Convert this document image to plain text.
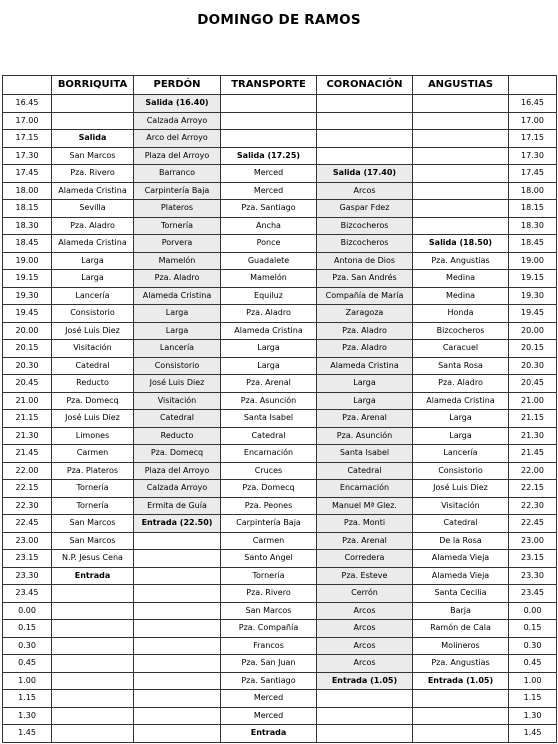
DOMINGO DE RAMOS
	BORRIQUITA	PERDÓN	TRANSPORTE	CORONACIÓN	ANGUSTIAS	
16.45		Salida (16.40)				16.45
17.00		Calzada Arroyo				17.00
17.15	Salida	Arco del Arroyo				17.15
17.30	San Marcos	Plaza del Arroyo	Salida (17.25)			17.30
17.45	Pza. Rivero	Barranco	Merced	Salida (17.40)		17.45
18.00	Alameda Cristina	Carpintería Baja	Merced	Arcos		18.00
18.15	Sevilla	Plateros	Pza. Santiago	Gaspar Fdez		18.15
18.30	Pza. Aladro	Tornería	Ancha	Bizcocheros		18.30
18.45	Alameda Cristina	Porvera	Ponce	Bizcocheros	Salida (18.50)	18.45
19.00	Larga	Mamelón	Guadalete	Antona de Dios	Pza. Angustias	19.00
19.15	Larga	Pza. Aladro	Mamelón	Pza. San Andrés	Medina	19.15
19.30	Lancería	Alameda Cristina	Equiluz	Compañía de María	Medina	19.30
19.45	Consistorio	Larga	Pza. Aladro	Zaragoza	Honda	19.45
20.00	José Luis Diez	Larga	Alameda Cristina	Pza. Aladro	Bizcocheros	20.00
20.15	Visitación	Lancería	Larga	Pza. Aladro	Caracuel	20.15
20.30	Catedral	Consistorio	Larga	Alameda Cristina	Santa Rosa	20.30
20.45	Reducto	José Luis Diez	Pza. Arenal	Larga	Pza. Aladro	20.45
21.00	Pza. Domecq	Visitación	Pza. Asunción	Larga	Alameda Cristina	21.00
21.15	José Luis Diez	Catedral	Santa Isabel	Pza. Arenal	Larga	21.15
21.30	Limones	Reducto	Catedral	Pza. Asunción	Larga	21.30
21.45	Carmen	Pza. Domecq	Encarnación	Santa Isabel	Lancería	21.45
22.00	Pza. Plateros	Plaza del Arroyo	Cruces	Catedral	Consistorio	22.00
22.15	Tornería	Calzada Arroyo	Pza. Domecq	Encarnación	José Luis Diez	22.15
22.30	Tornería	Ermita de Guía	Pza. Peones	Manuel Mª Glez.	Visitación	22.30
22.45	San Marcos	Entrada (22.50)	Carpintería Baja	Pza. Monti	Catedral	22.45
23.00	San Marcos		Carmen	Pza. Arenal	De la Rosa	23.00
23.15	N.P. Jesus Cena		Santo Angel	Corredera	Alameda Vieja	23.15
23.30	Entrada		Tornería	Pza. Esteve	Alameda Vieja	23.30
23.45			Pza. Rivero	Cerrón	Santa Cecilia	23.45
0.00			San Marcos	Arcos	Barja	0.00
0.15			Pza. Compañía	Arcos	Ramón de Cala	0.15
0.30			Francos	Arcos	Molineros	0.30
0.45			Pza. San Juan	Arcos	Pza. Angustias	0.45
1.00			Pza. Santiago	Entrada (1.05)	Entrada (1.05)	1.00
1.15			Merced			1.15
1.30			Merced			1.30
1.45			Entrada			1.45
